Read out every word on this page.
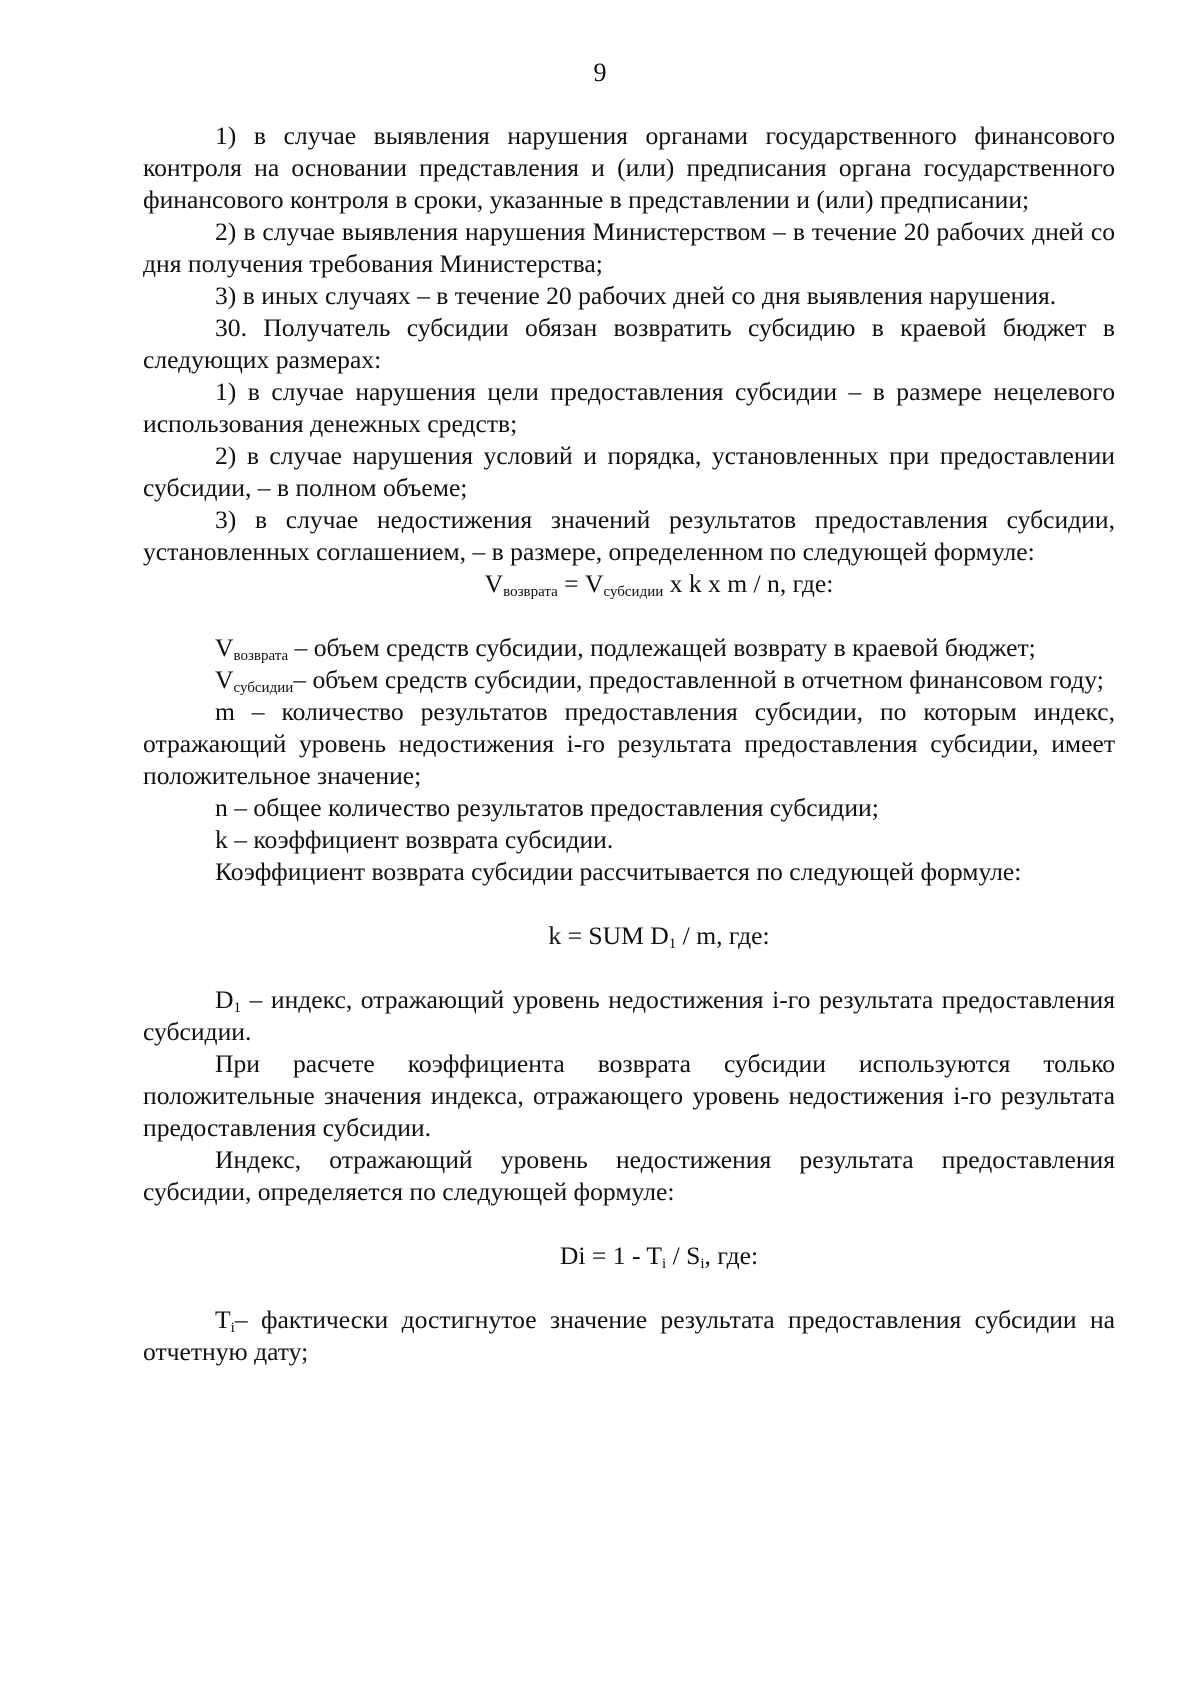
9

1) в случае выявления нарушения органами государственного финансового контроля на основании представления и (или) предписания органа государственного финансового контроля в сроки, указанные в представлении и (или) предписании;

2) в случае выявления нарушения Министерством – в течение 20 рабочих дней со дня получения требования Министерства;

3) в иных случаях – в течение 20 рабочих дней со дня выявления нарушения.

30. Получатель субсидии обязан возвратить субсидию в краевой бюджет в следующих размерах:

1) в случае нарушения цели предоставления субсидии – в размере нецелевого использования денежных средств;

2) в случае нарушения условий и порядка, установленных при предоставлении субсидии, – в полном объеме;

3) в случае недостижения значений результатов предоставления субсидии, установленных соглашением, – в размере, определенном по следующей формуле:

$V_{возврата} = V_{субсидии}$ x k x m / n, где:

$V_{возврата}$ – объем средств субсидии, подлежащей возврату в краевой бюджет;

$V_{субсидии}-$ объем средств субсидии, предоставленной в отчетном финансовом году;

m – количество результатов предоставления субсидии, по которым индекс, отражающий уровень недостижения i-го результата предоставления субсидии, имеет положительное значение;

n – общее количество результатов предоставления субсидии;

k – коэффициент возврата субсидии.

Коэффициент возврата субсидии рассчитывается по следующей формуле:

k = SUM $D_1$ / m, где:

$D_1$ – индекс, отражающий уровень недостижения i-го результата предоставления субсидии.

При расчете коэффициента возврата субсидии используются только положительные значения индекса, отражающего уровень недостижения i-го результата предоставления субсидии.

Индекс, отражающий уровень недостижения результата предоставления субсидии, определяется по следующей формуле:

$Di = 1 - T_i / S_i$, где:

$T_i-$ фактически достигнутое значение результата предоставления субсидии на отчетную дату;
